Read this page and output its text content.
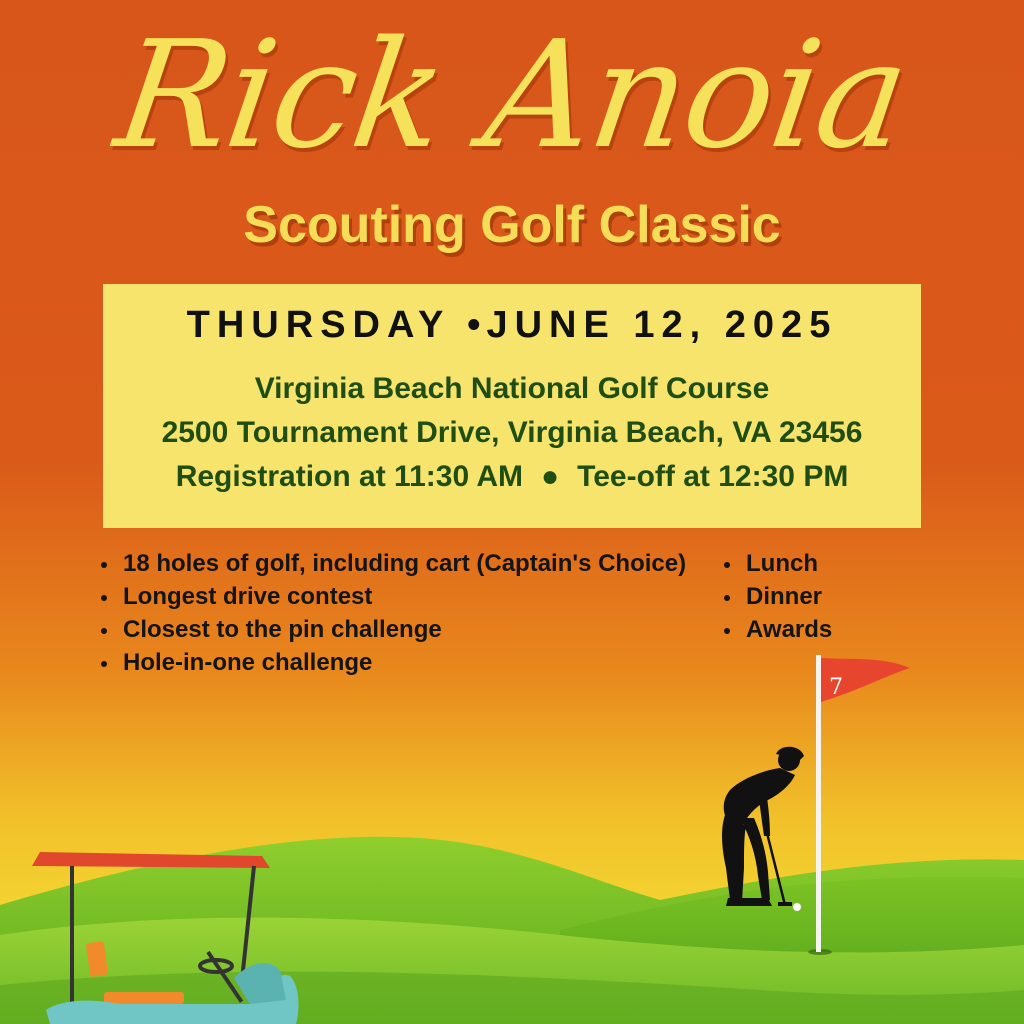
7
Rick Anoia
Scouting Golf Classic
THURSDAY • JUNE 12, 2025
Virginia Beach National Golf Course
2500 Tournament Drive, Virginia Beach, VA 23456
Registration at 11:30 AM ● Tee-off at 12:30 PM
18 holes of golf, including cart (Captain's Choice)
Longest drive contest
Closest to the pin challenge
Hole-in-one challenge
Lunch
Dinner
Awards
